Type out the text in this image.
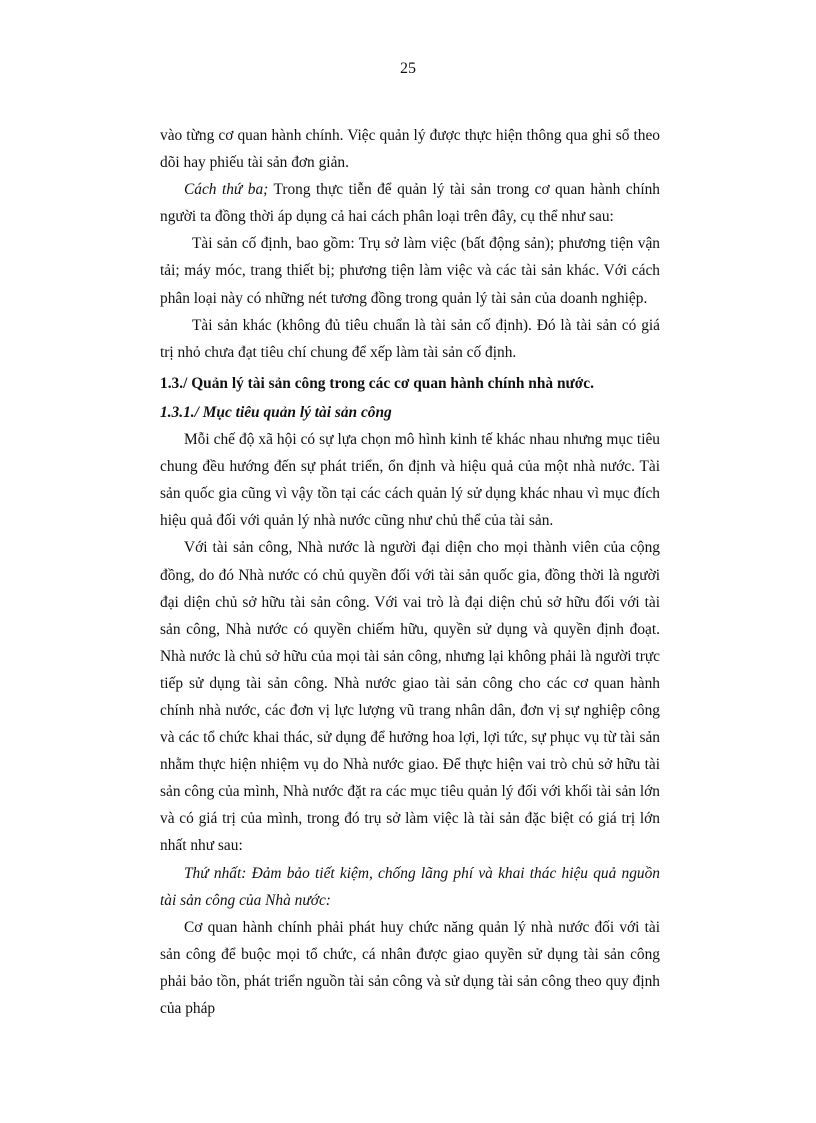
25

vào từng cơ quan hành chính. Việc quản lý được thực hiện thông qua ghi sổ theo dõi hay phiếu tài sản đơn giản.

Cách thứ ba; Trong thực tiễn để quản lý tài sản trong cơ quan hành chính người ta đồng thời áp dụng cả hai cách phân loại trên đây, cụ thể như sau:

Tài sản cố định, bao gồm: Trụ sở làm việc (bất động sản); phương tiện vận tải; máy móc, trang thiết bị; phương tiện làm việc và các tài sản khác. Với cách phân loại này có những nét tương đồng trong quản lý tài sản của doanh nghiệp.

Tài sản khác (không đủ tiêu chuẩn là tài sản cố định). Đó là tài sản có giá trị nhỏ chưa đạt tiêu chí chung để xếp làm tài sản cố định.

1.3./ Quản lý tài sản công trong các cơ quan hành chính nhà nước.

1.3.1./ Mục tiêu quản lý tài sản công

Mỗi chế độ xã hội có sự lựa chọn mô hình kinh tế khác nhau nhưng mục tiêu chung đều hướng đến sự phát triển, ổn định và hiệu quả của một nhà nước. Tài sản quốc gia cũng vì vậy tồn tại các cách quản lý sử dụng khác nhau vì mục đích hiệu quả đối với quản lý nhà nước cũng như chủ thể của tài sản.

Với tài sản công, Nhà nước là người đại diện cho mọi thành viên của cộng đồng, do đó Nhà nước có chủ quyền đối với tài sản quốc gia, đồng thời là người đại diện chủ sở hữu tài sản công. Với vai trò là đại diện chủ sở hữu đối với tài sản công, Nhà nước có quyền chiếm hữu, quyền sử dụng và quyền định đoạt. Nhà nước là chủ sở hữu của mọi tài sản công, nhưng lại không phải là người trực tiếp sử dụng tài sản công. Nhà nước giao tài sản công cho các cơ quan hành chính nhà nước, các đơn vị lực lượng vũ trang nhân dân, đơn vị sự nghiệp công và các tổ chức khai thác, sử dụng để hưởng hoa lợi, lợi tức, sự phục vụ từ tài sản nhằm thực hiện nhiệm vụ do Nhà nước giao. Để thực hiện vai trò chủ sở hữu tài sản công của mình, Nhà nước đặt ra các mục tiêu quản lý đối với khối tài sản lớn và có giá trị của mình, trong đó trụ sở làm việc là tài sản đặc biệt có giá trị lớn nhất như sau:

Thứ nhất: Đảm bảo tiết kiệm, chống lãng phí và khai thác hiệu quả nguồn tài sản công của Nhà nước:

Cơ quan hành chính phải phát huy chức năng quản lý nhà nước đối với tài sản công để buộc mọi tổ chức, cá nhân được giao quyền sử dụng tài sản công phải bảo tồn, phát triển nguồn tài sản công và sử dụng tài sản công theo quy định của pháp
